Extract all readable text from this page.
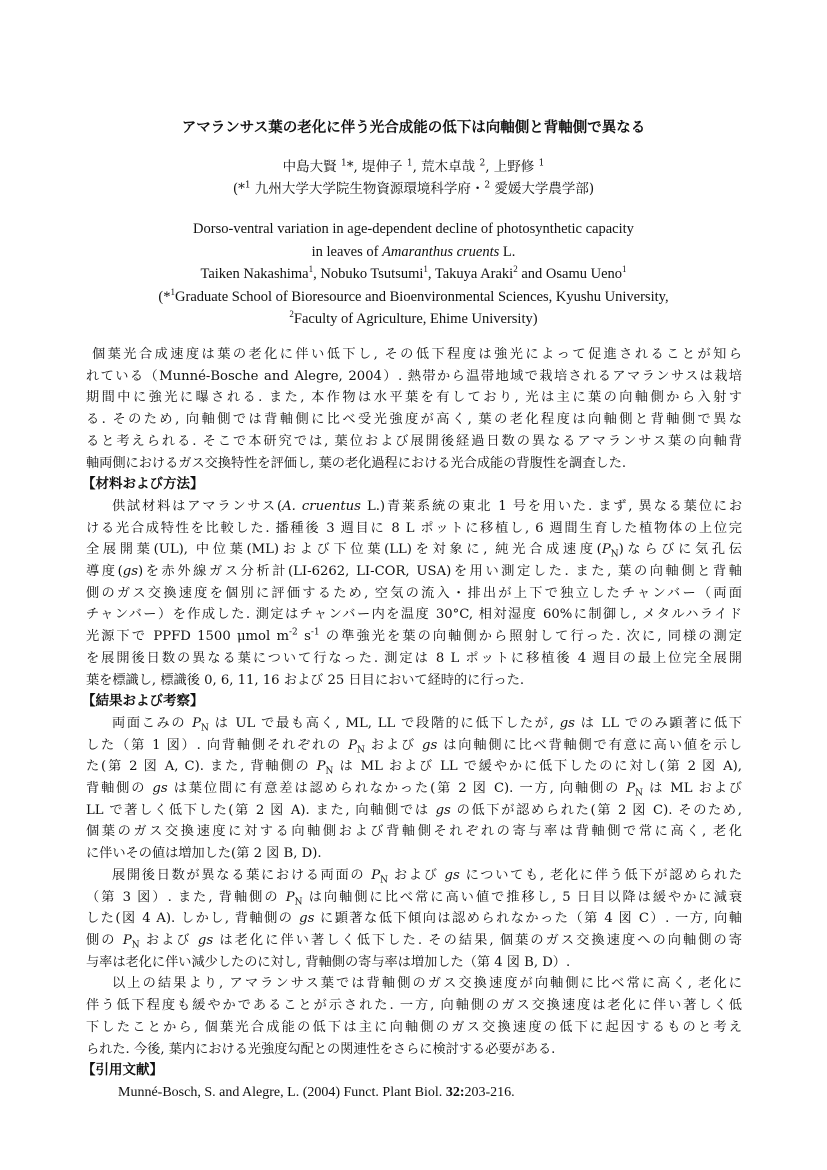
アマランサス葉の老化に伴う光合成能の低下は向軸側と背軸側で異なる
中島大賢 $^1$*, 堤伸子 $^1$, 荒木卓哉 $^2$, 上野修 $^1$
(*$^1$ 九州大学大学院生物資源環境科学府・$^2$ 愛媛大学農学部)
Dorso-ventral variation in age-dependent decline of photosynthetic capacity
in leaves of Amaranthus cruents L.
Taiken Nakashima$^1$, Nobuko Tsutsumi$^1$, Takuya Araki$^2$ and Osamu Ueno$^1$
(*$^1$Graduate School of Bioresource and Bioenvironmental Sciences, Kyushu University,
$^2$Faculty of Agriculture, Ehime University)
個葉光合成速度は葉の老化に伴い低下し, その低下程度は強光によって促進されることが知ら
れている（Munné-Bosche and Alegre, 2004）. 熱帯から温帯地域で栽培されるアマランサスは栽培
期間中に強光に曝される. また, 本作物は水平葉を有しており, 光は主に葉の向軸側から入射す
る. そのため, 向軸側では背軸側に比べ受光強度が高く, 葉の老化程度は向軸側と背軸側で異な
ると考えられる. そこで本研究では, 葉位および展開後経過日数の異なるアマランサス葉の向軸背
軸両側におけるガス交換特性を評価し, 葉の老化過程における光合成能の背腹性を調査した.
【材料および方法】
供試材料はアマランサス(A. cruentus L.)青莱系統の東北 1 号を用いた. まず, 異なる葉位にお
ける光合成特性を比較した. 播種後 3 週目に 8 L ポットに移植し, 6 週間生育した植物体の上位完
全展開葉(UL), 中位葉(ML)および下位葉(LL)を対象に, 純光合成速度$(P_N)$ならびに気孔伝
導度(gs)を赤外線ガス分析計(LI-6262, LI-COR, USA)を用い測定した. また, 葉の向軸側と背軸
側のガス交換速度を個別に評価するため, 空気の流入・排出が上下で独立したチャンバー（両面
チャンバー）を作成した. 測定はチャンバー内を温度 30°C, 相対湿度 60%に制御し, メタルハライド
光源下で PPFD 1500 μmol $m^{-2}$ $s^{-1}$ の準強光を葉の向軸側から照射して行った. 次に, 同様の測定
を展開後日数の異なる葉について行なった. 測定は 8 L ポットに移植後 4 週目の最上位完全展開
葉を標識し, 標識後 0, 6, 11, 16 および 25 日目において経時的に行った.
【結果および考察】
両面こみの $P_N$ は UL で最も高く, ML, LL で段階的に低下したが, gs は LL でのみ顕著に低下
した（第 1 図）. 向背軸側それぞれの $P_N$ および gs は向軸側に比べ背軸側で有意に高い値を示し
た(第 2 図 A, C). また, 背軸側の $P_N$ は ML および LL で緩やかに低下したのに対し(第 2 図 A),
背軸側の gs は葉位間に有意差は認められなかった(第 2 図 C). 一方, 向軸側の $P_N$ は ML および
LL で著しく低下した(第 2 図 A). また, 向軸側では gs の低下が認められた(第 2 図 C). そのため,
個葉のガス交換速度に対する向軸側および背軸側それぞれの寄与率は背軸側で常に高く, 老化
に伴いその値は増加した(第 2 図 B, D).
展開後日数が異なる葉における両面の $P_N$ および gs についても, 老化に伴う低下が認められた
（第 3 図）. また, 背軸側の $P_N$ は向軸側に比べ常に高い値で推移し, 5 日目以降は緩やかに減衰
した(図 4 A). しかし, 背軸側の gs に顕著な低下傾向は認められなかった（第 4 図 C）. 一方, 向軸
側の $P_N$ および gs は老化に伴い著しく低下した. その結果, 個葉のガス交換速度への向軸側の寄
与率は老化に伴い減少したのに対し, 背軸側の寄与率は増加した（第 4 図 B, D）.
以上の結果より, アマランサス葉では背軸側のガス交換速度が向軸側に比べ常に高く, 老化に
伴う低下程度も緩やかであることが示された. 一方, 向軸側のガス交換速度は老化に伴い著しく低
下したことから, 個葉光合成能の低下は主に向軸側のガス交換速度の低下に起因するものと考え
られた. 今後, 葉内における光強度勾配との関連性をさらに検討する必要がある.
【引用文献】
Munné-Bosch, S. and Alegre, L. (2004) Funct. Plant Biol. 32:203-216.
